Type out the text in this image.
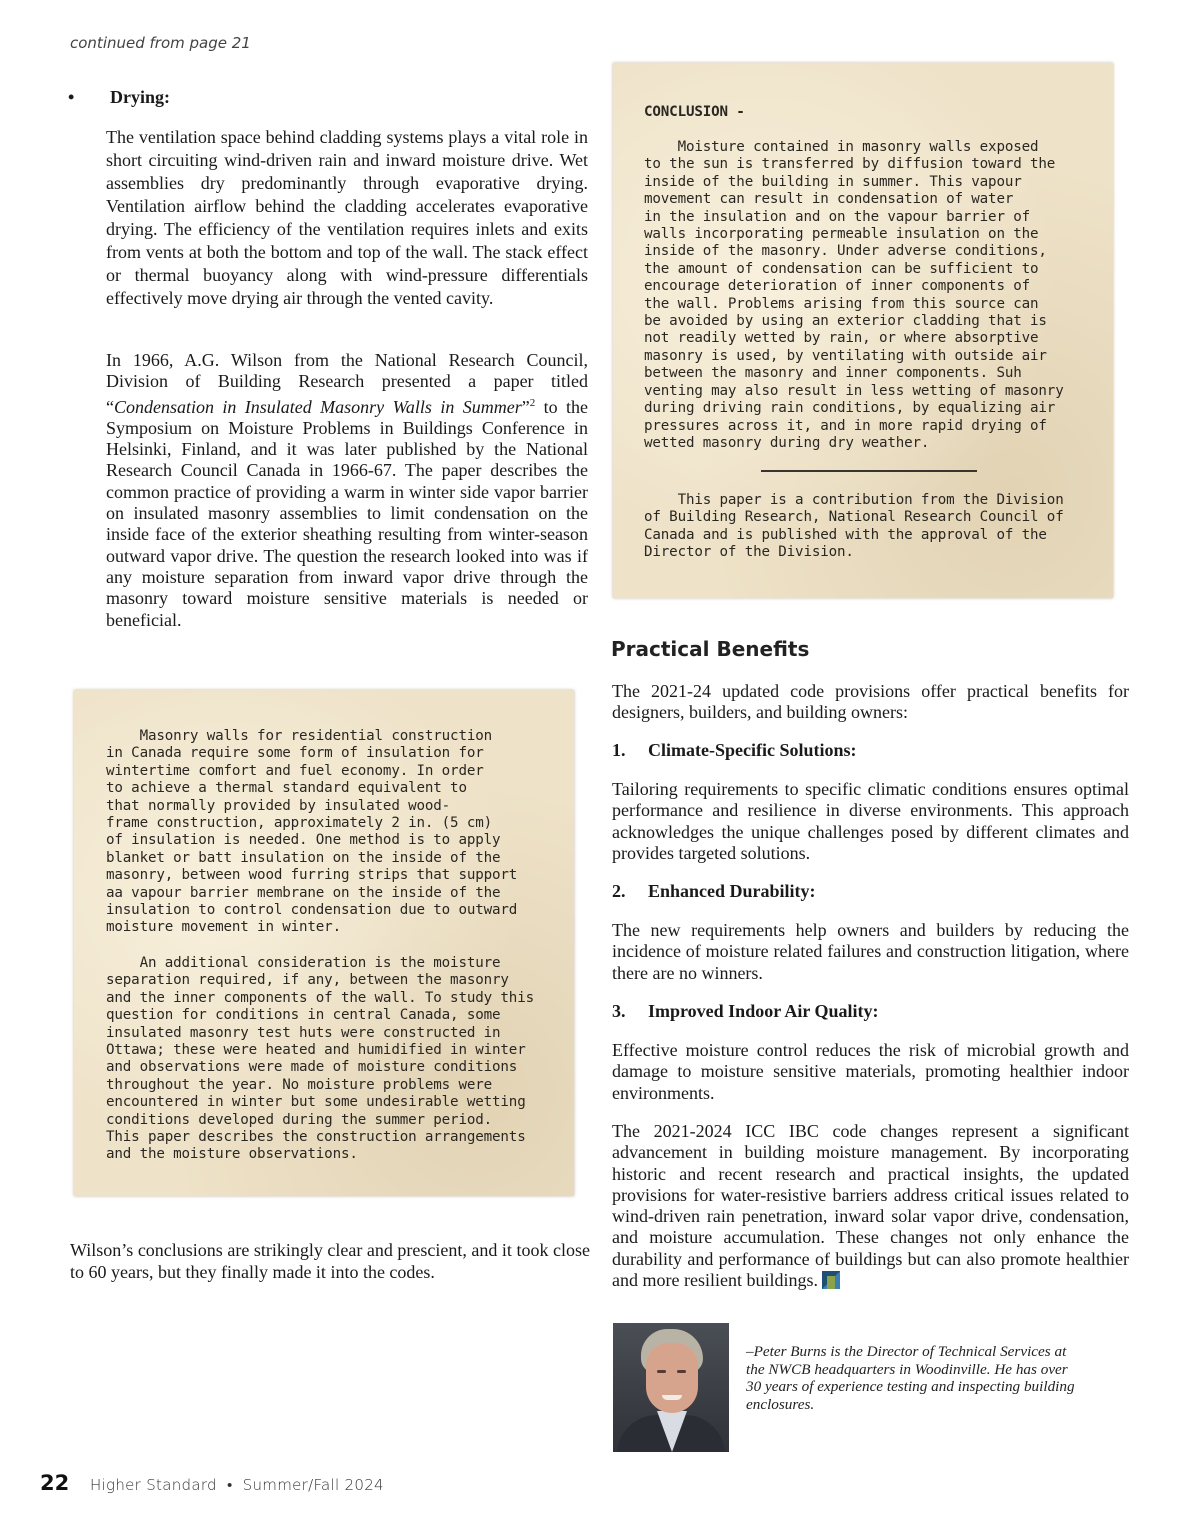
continued from page 21
• Drying:

The ventilation space behind cladding systems plays a vital role in short circuiting wind-driven rain and inward moisture drive. Wet assemblies dry predominantly through evaporative drying. Ventilation airflow behind the cladding accelerates evaporative drying. The efficiency of the ventilation requires inlets and exits from vents at both the bottom and top of the wall. The stack effect or thermal buoyancy along with wind-pressure differentials effectively move drying air through the vented cavity.

In 1966, A.G. Wilson from the National Research Council, Division of Building Research presented a paper titled “Condensation in Insulated Masonry Walls in Summer”$^2$ to the Symposium on Moisture Problems in Buildings Conference in Helsinki, Finland, and it was later published by the National Research Council Canada in 1966-67. The paper describes the common practice of providing a warm in winter side vapor barrier on insulated masonry assemblies to limit condensation on the inside face of the exterior sheathing resulting from winter-season outward vapor drive. The question the research looked into was if any moisture separation from inward vapor drive through the masonry toward moisture sensitive materials is needed or beneficial.

CONCLUSION -
Moisture contained in masonry walls exposed
to the sun is transferred by diffusion toward the
inside of the building in summer. This vapour
movement can result in condensation of water
in the insulation and on the vapour barrier of
walls incorporating permeable insulation on the
inside of the masonry. Under adverse conditions,
the amount of condensation can be sufficient to
encourage deterioration of inner components of
the wall. Problems arising from this source can
be avoided by using an exterior cladding that is
not readily wetted by rain, or where absorptive
masonry is used, by ventilating with outside air
between the masonry and inner components. Suh
venting may also result in less wetting of masonry
during driving rain conditions, by equalizing air
pressures across it, and in more rapid drying of
wetted masonry during dry weather.
This paper is a contribution from the Division
of Building Research, National Research Council of
Canada and is published with the approval of the
Director of the Division.
Masonry walls for residential construction
in Canada require some form of insulation for
wintertime comfort and fuel economy. In order
to achieve a thermal standard equivalent to
that normally provided by insulated wood-
frame construction, approximately 2 in. (5 cm)
of insulation is needed. One method is to apply
blanket or batt insulation on the inside of the
masonry, between wood furring strips that support
aa vapour barrier membrane on the inside of the
insulation to control condensation due to outward
moisture movement in winter.
An additional consideration is the moisture
separation required, if any, between the masonry
and the inner components of the wall. To study this
question for conditions in central Canada, some
insulated masonry test huts were constructed in
Ottawa; these were heated and humidified in winter
and observations were made of moisture conditions
throughout the year. No moisture problems were
encountered in winter but some undesirable wetting
conditions developed during the summer period.
This paper describes the construction arrangements
and the moisture observations.

Wilson’s conclusions are strikingly clear and prescient, and it took close to 60 years, but they finally made it into the codes.

Practical Benefits

The 2021-24 updated code provisions offer practical benefits for designers, builders, and building owners:

1. Climate-Specific Solutions:

Tailoring requirements to specific climatic conditions ensures optimal performance and resilience in diverse environments. This approach acknowledges the unique challenges posed by different climates and provides targeted solutions.

2. Enhanced Durability:

The new requirements help owners and builders by reducing the incidence of moisture related failures and construction litigation, where there are no winners.

3. Improved Indoor Air Quality:

Effective moisture control reduces the risk of microbial growth and damage to moisture sensitive materials, promoting healthier indoor environments.

The 2021-2024 ICC IBC code changes represent a significant advancement in building moisture management. By incorporating historic and recent research and practical insights, the updated provisions for water-resistive barriers address critical issues related to wind-driven rain penetration, inward solar vapor drive, condensation, and moisture accumulation. These changes not only enhance the durability and performance of buildings but can also promote healthier and more resilient buildings.

–Peter Burns is the Director of Technical Services at the NWCB headquarters in Woodinville. He has over 30 years of experience testing and inspecting building enclosures.
22 Higher Standard  •  Summer/Fall 2024
